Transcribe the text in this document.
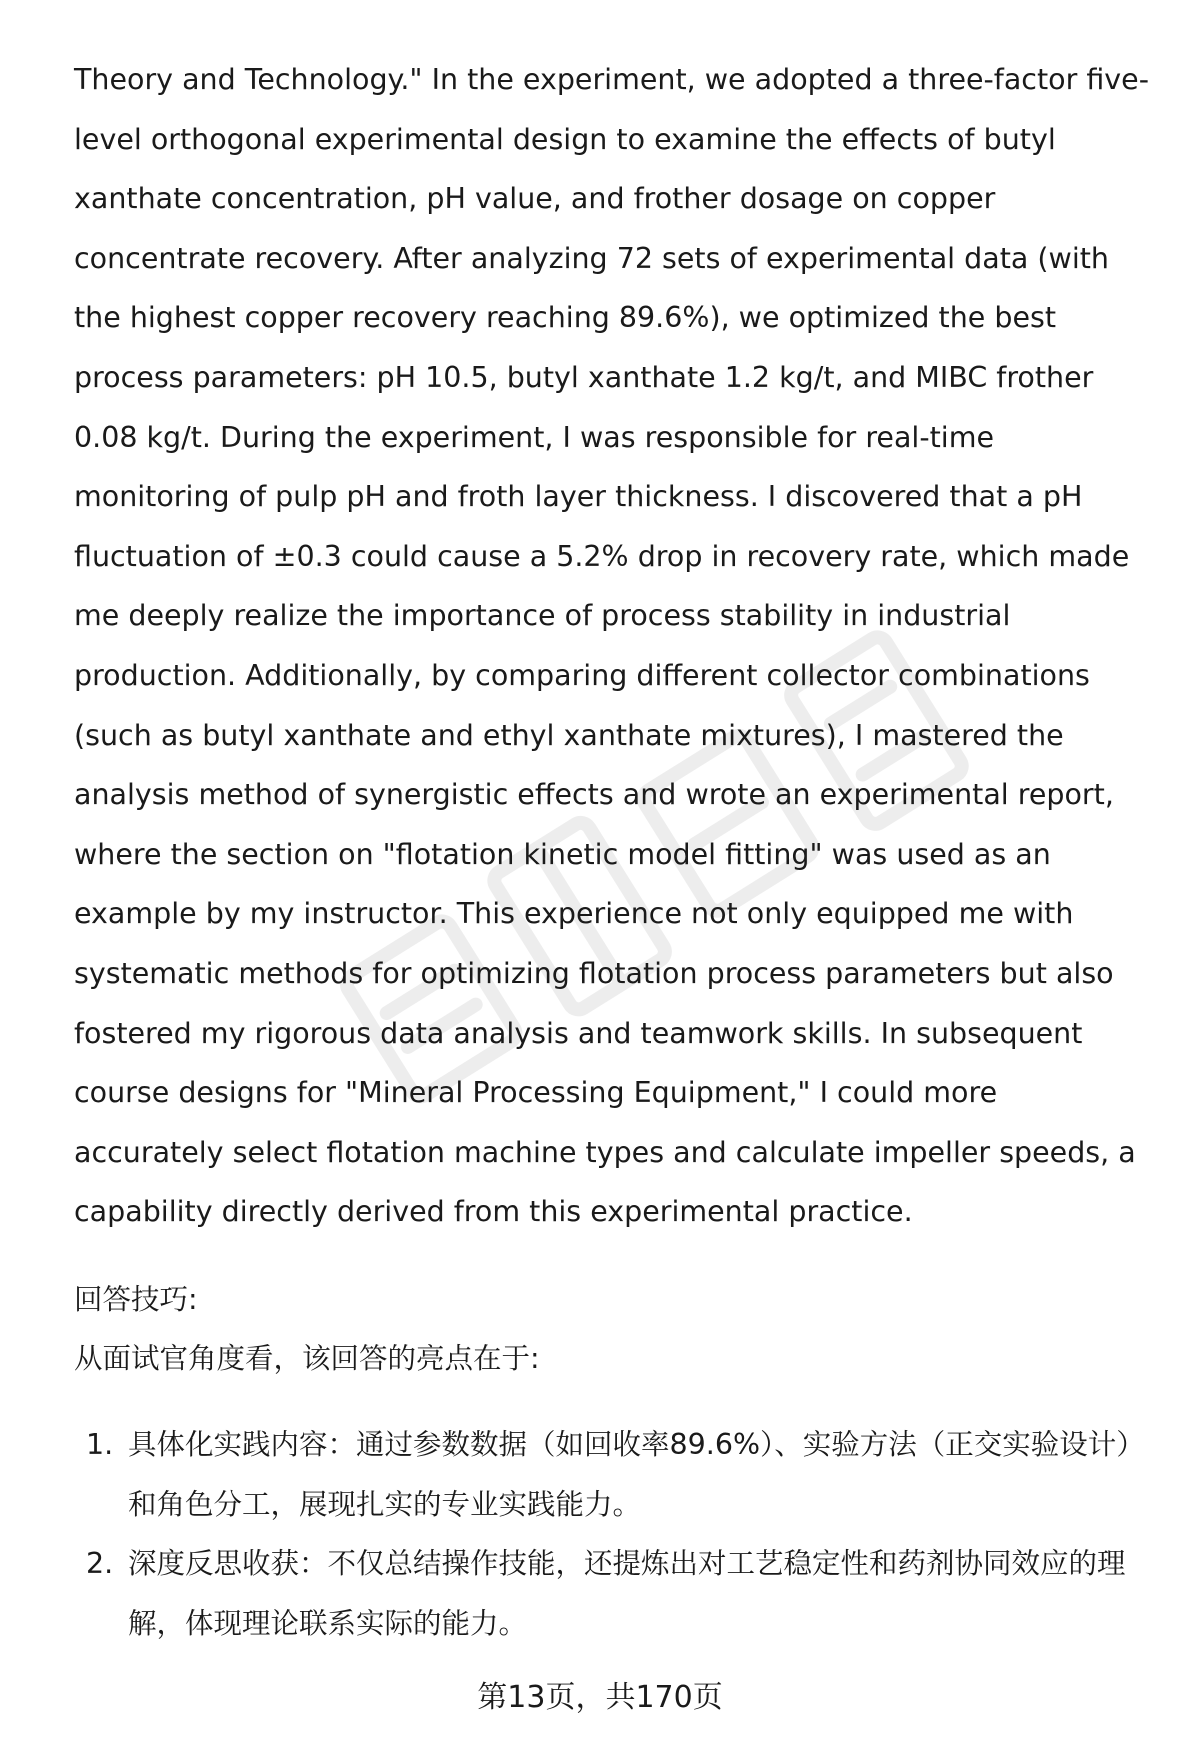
Theory and Technology." In the experiment, we adopted a three-factor five-level orthogonal experimental design to examine the effects of butyl xanthate concentration, pH value, and frother dosage on copper concentrate recovery. After analyzing 72 sets of experimental data (with the highest copper recovery reaching 89.6%), we optimized the best process parameters: pH 10.5, butyl xanthate 1.2 kg/t, and MIBC frother 0.08 kg/t. During the experiment, I was responsible for real-time monitoring of pulp pH and froth layer thickness. I discovered that a pH fluctuation of ±0.3 could cause a 5.2% drop in recovery rate, which made me deeply realize the importance of process stability in industrial production. Additionally, by comparing different collector combinations (such as butyl xanthate and ethyl xanthate mixtures), I mastered the analysis method of synergistic effects and wrote an experimental report, where the section on "flotation kinetic model fitting" was used as an example by my instructor. This experience not only equipped me with systematic methods for optimizing flotation process parameters but also fostered my rigorous data analysis and teamwork skills. In subsequent course designs for "Mineral Processing Equipment," I could more accurately select flotation machine types and calculate impeller speeds, a capability directly derived from this experimental practice.

回答技巧:
从面试官角度看，该回答的亮点在于:
1. 具体化实践内容：通过参数数据（如回收率89.6%）、实验方法（正交实验设计）和角色分工，展现扎实的专业实践能力。
2. 深度反思收获：不仅总结操作技能，还提炼出对工艺稳定性和药剂协同效应的理解，体现理论联系实际的能力。
第13页，共170页
